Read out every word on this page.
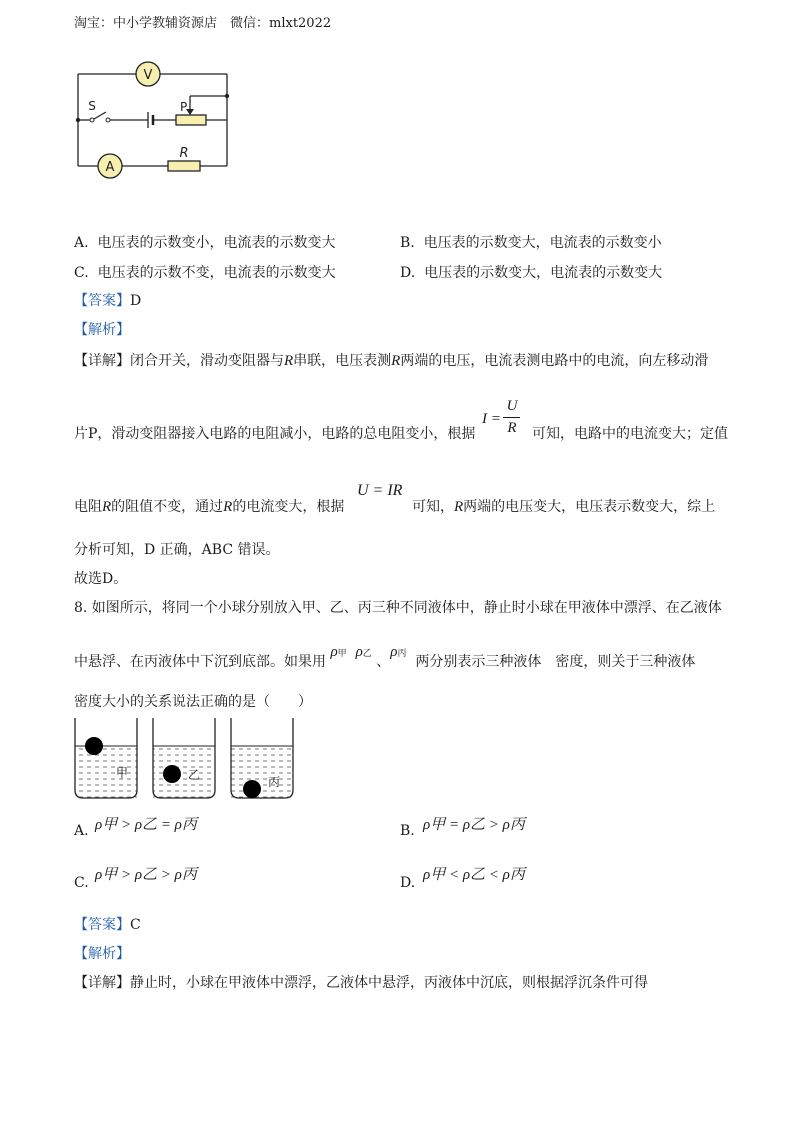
淘宝：中小学教辅资源店　微信：mlxt2022
V
S	P
A
R
A. 电压表的示数变小，电流表的示数变大	B. 电压表的示数变大，电流表的示数变小
C. 电压表的示数不变，电流表的示数变大	D. 电压表的示数变大，电流表的示数变大
【答案】D
【解析】
【详解】闭合开关，滑动变阻器与R串联，电压表测R两端的电压，电流表测电路中的电流，向左移动滑
片P，滑动变阻器接入电路的电阻减小，电路的总电阻变小，根据
I =
U
R	可知，电路中的电流变大；定值
电阻R的阻值不变，通过R的电流变大，根据
U = IR
可知，R两端的电压变大，电压表示数变大，综上
分析可知，D 正确，ABC 错误。
故选D。
8. 如图所示，将同一个小球分别放入甲、乙、丙三种不同液体中，静止时小球在甲液体中漂浮、在乙液体
中悬浮、在丙液体中下沉到底部。如果用 ρ甲 ρ乙 、ρ丙 两分别表示三种液体　密度，则关于三种液体
密度大小的关系说法正确的是（　　）
甲	乙	丙
A. ρ甲 > ρ乙 = ρ丙	B. ρ甲 = ρ乙 > ρ丙
C. ρ甲 > ρ乙 > ρ丙	D. ρ甲 < ρ乙 < ρ丙
【答案】C
【解析】
【详解】静止时，小球在甲液体中漂浮，乙液体中悬浮，丙液体中沉底，则根据浮沉条件可得
